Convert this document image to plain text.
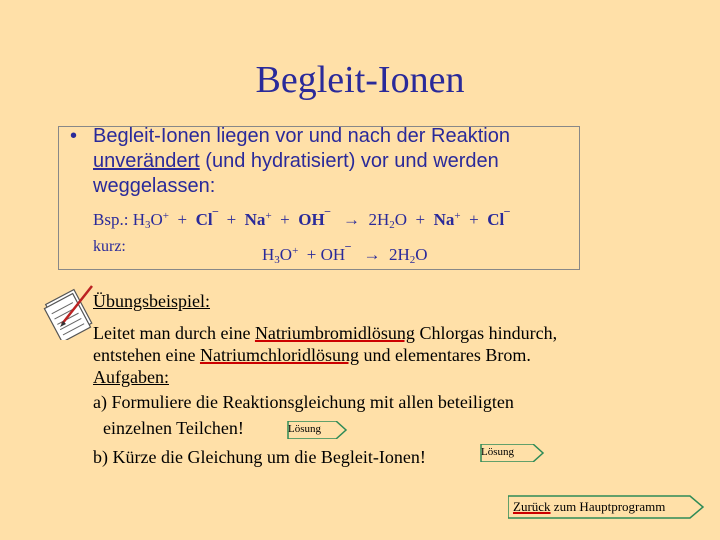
Begleit-Ionen
• Begleit-Ionen liegen vor und nach der Reaktion
unverändert (und hydratisiert) vor und werden
weggelassen:
Bsp.: $H_3O^+ + Cl^¯ + Na^+ + OH^¯ \to 2H_2O + Na^+ + Cl^¯$
kurz:	$H_3O^+ + OH^¯ \to 2H_2O$
Übungsbeispiel:
Leitet man durch eine Natriumbromidlösung Chlorgas hindurch,
entstehen eine Natriumchloridlösung und elementares Brom.
Aufgaben:
a) Formuliere die Reaktionsgleichung mit allen beteiligten
einzelnen Teilchen!
b) Kürze die Gleichung um die Begleit-Ionen!
Lösung
Lösung
Zurück zum Hauptprogramm
